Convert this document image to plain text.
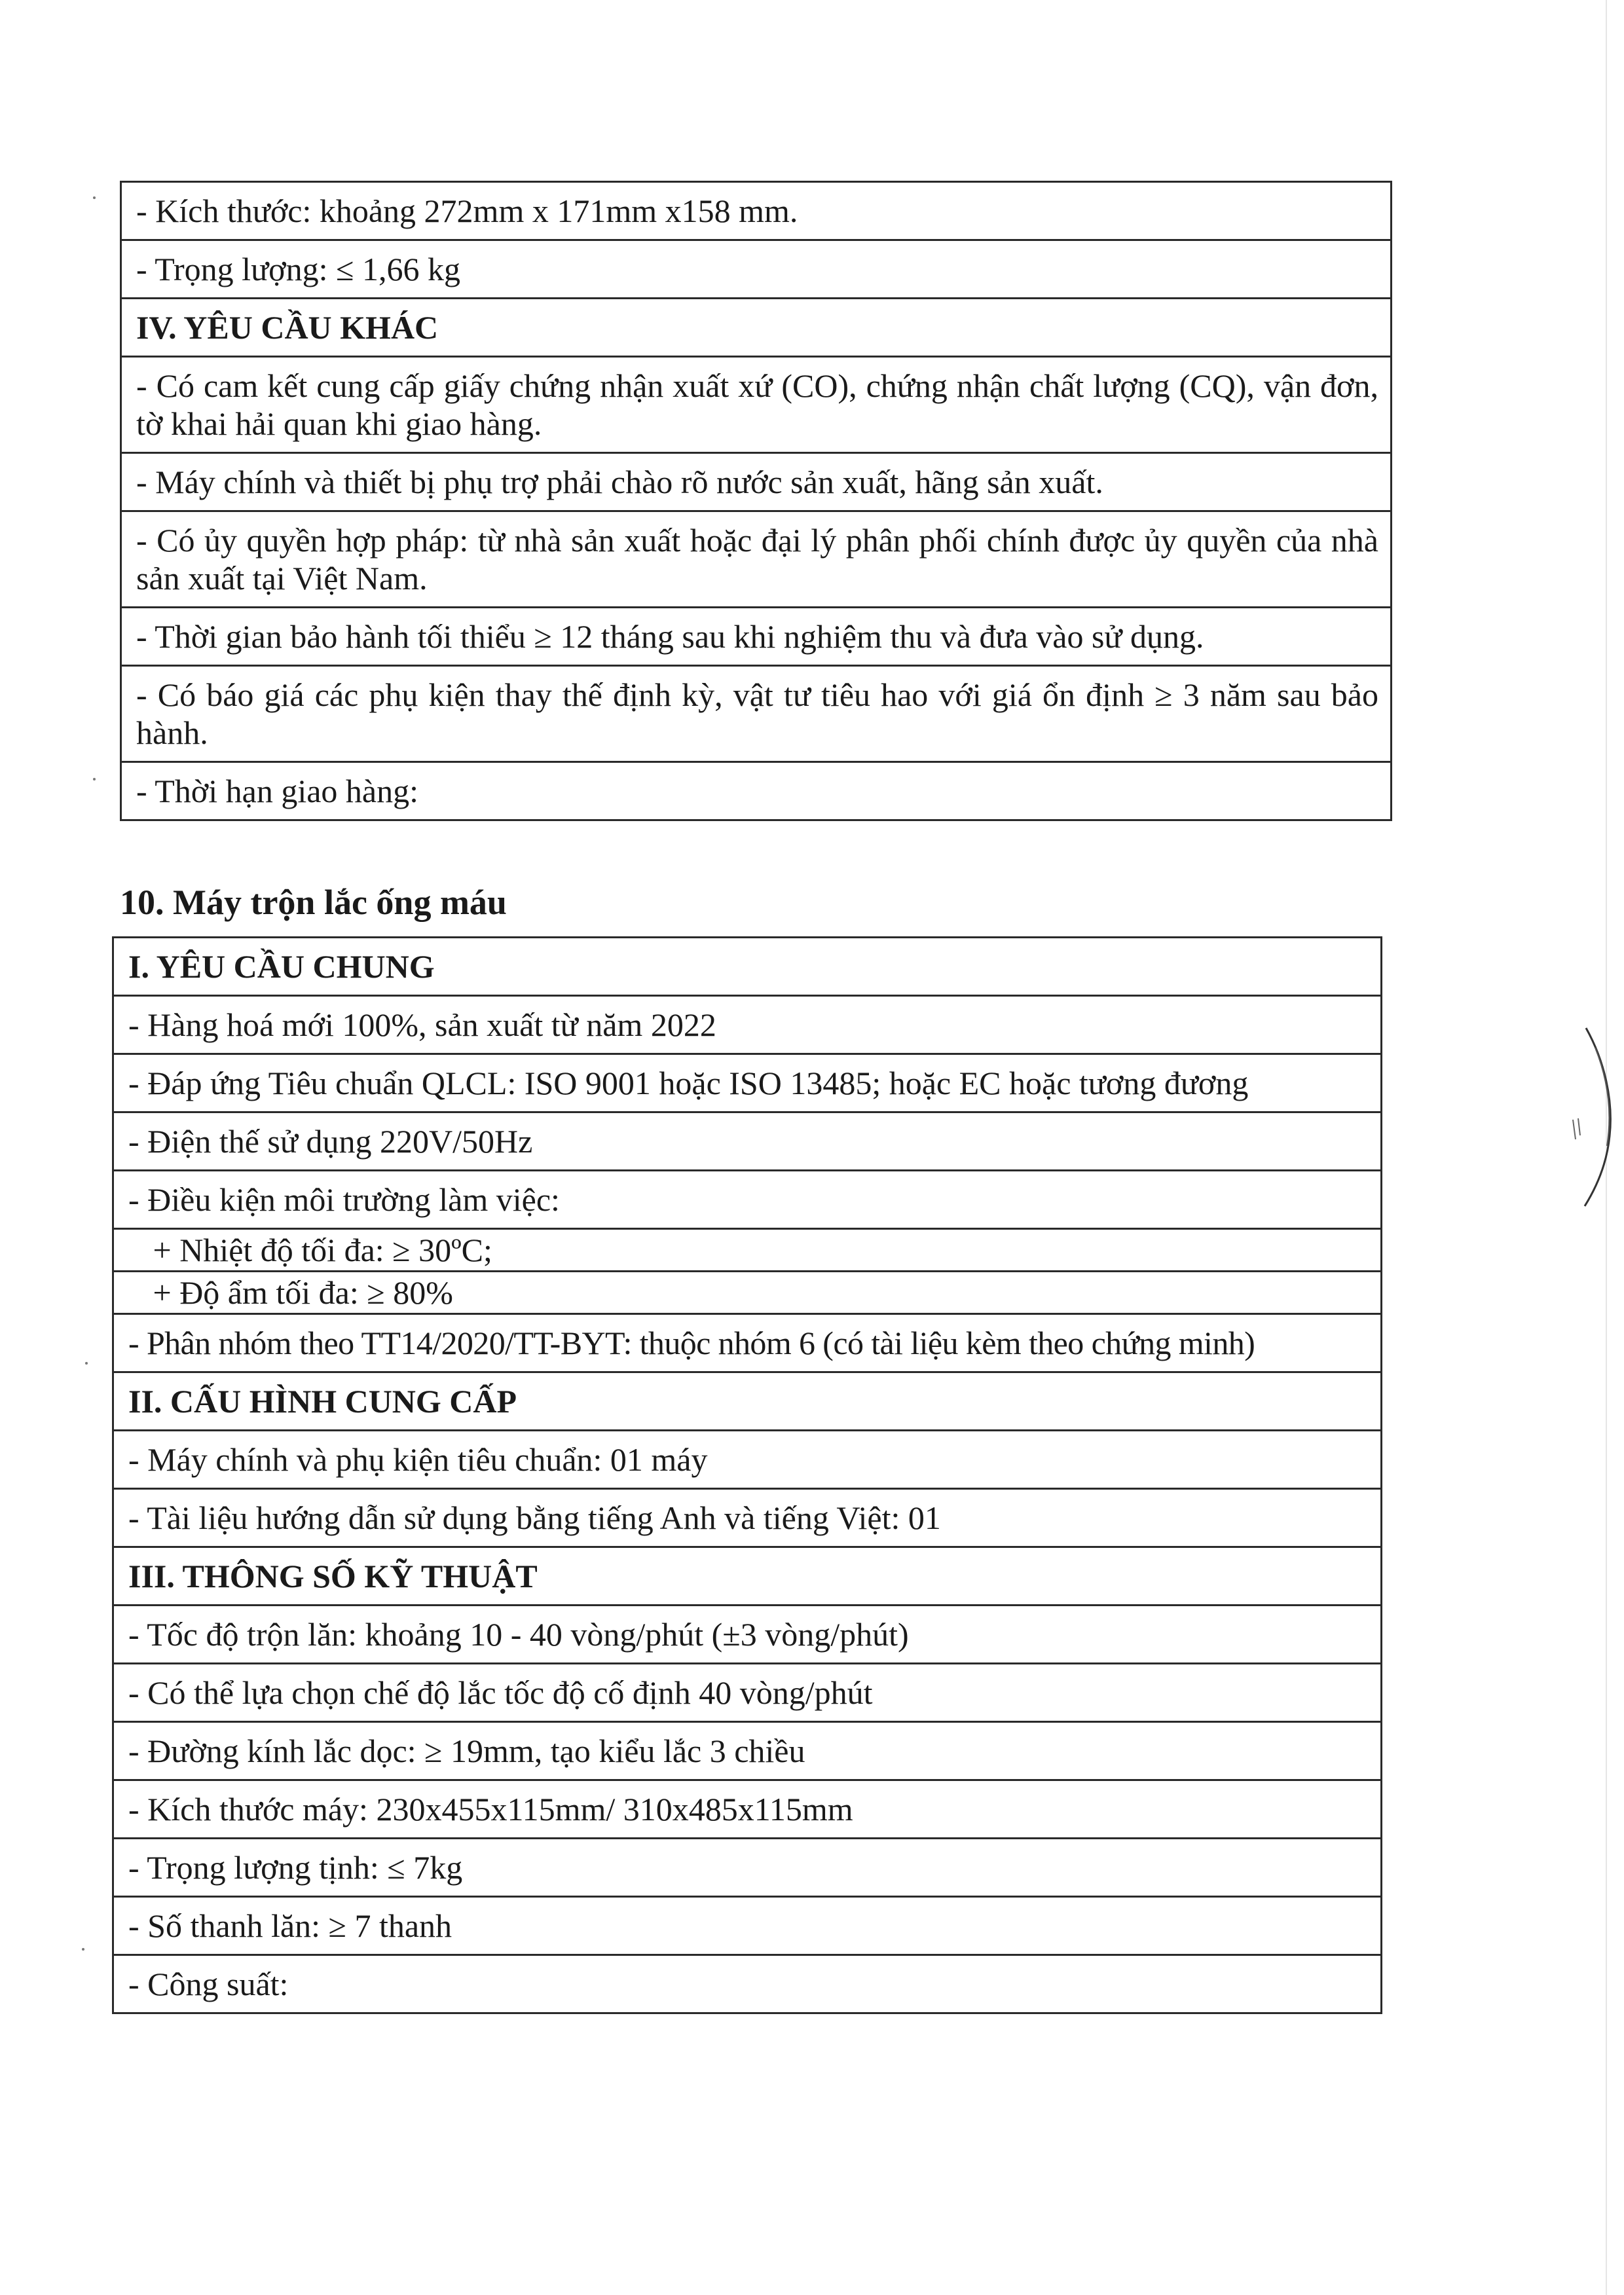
- Kích thước: khoảng 272mm x 171mm x158 mm.
- Trọng lượng: ≤ 1,66 kg
IV. YÊU CẦU KHÁC
- Có cam kết cung cấp giấy chứng nhận xuất xứ (CO), chứng nhận chất lượng (CQ), vận đơn, tờ khai hải quan khi giao hàng.
- Máy chính và thiết bị phụ trợ phải chào rõ nước sản xuất, hãng sản xuất.
- Có ủy quyền hợp pháp: từ nhà sản xuất hoặc đại lý phân phối chính được ủy quyền của nhà sản xuất tại Việt Nam.
- Thời gian bảo hành tối thiểu ≥ 12 tháng sau khi nghiệm thu và đưa vào sử dụng.
- Có báo giá các phụ kiện thay thế định kỳ, vật tư tiêu hao với giá ổn định ≥ 3 năm sau bảo hành.
- Thời hạn giao hàng:
10. Máy trộn lắc ống máu
I. YÊU CẦU CHUNG
- Hàng hoá mới 100%, sản xuất từ năm 2022
- Đáp ứng Tiêu chuẩn QLCL: ISO 9001 hoặc ISO 13485; hoặc EC hoặc tương đương
- Điện thế sử dụng 220V/50Hz
- Điều kiện môi trường làm việc:
+ Nhiệt độ tối đa: ≥ 30ºC;
+ Độ ẩm tối đa: ≥ 80%
- Phân nhóm theo TT14/2020/TT-BYT: thuộc nhóm 6 (có tài liệu kèm theo chứng minh)
II. CẤU HÌNH CUNG CẤP
- Máy chính và phụ kiện tiêu chuẩn: 01 máy
- Tài liệu hướng dẫn sử dụng bằng tiếng Anh và tiếng Việt: 01
III. THÔNG SỐ KỸ THUẬT
- Tốc độ trộn lăn: khoảng 10 - 40 vòng/phút (±3 vòng/phút)
- Có thể lựa chọn chế độ lắc tốc độ cố định 40 vòng/phút
- Đường kính lắc dọc: ≥ 19mm, tạo kiểu lắc 3 chiều
- Kích thước máy: 230x455x115mm/ 310x485x115mm
- Trọng lượng tịnh: ≤ 7kg
- Số thanh lăn: ≥ 7 thanh
- Công suất:
